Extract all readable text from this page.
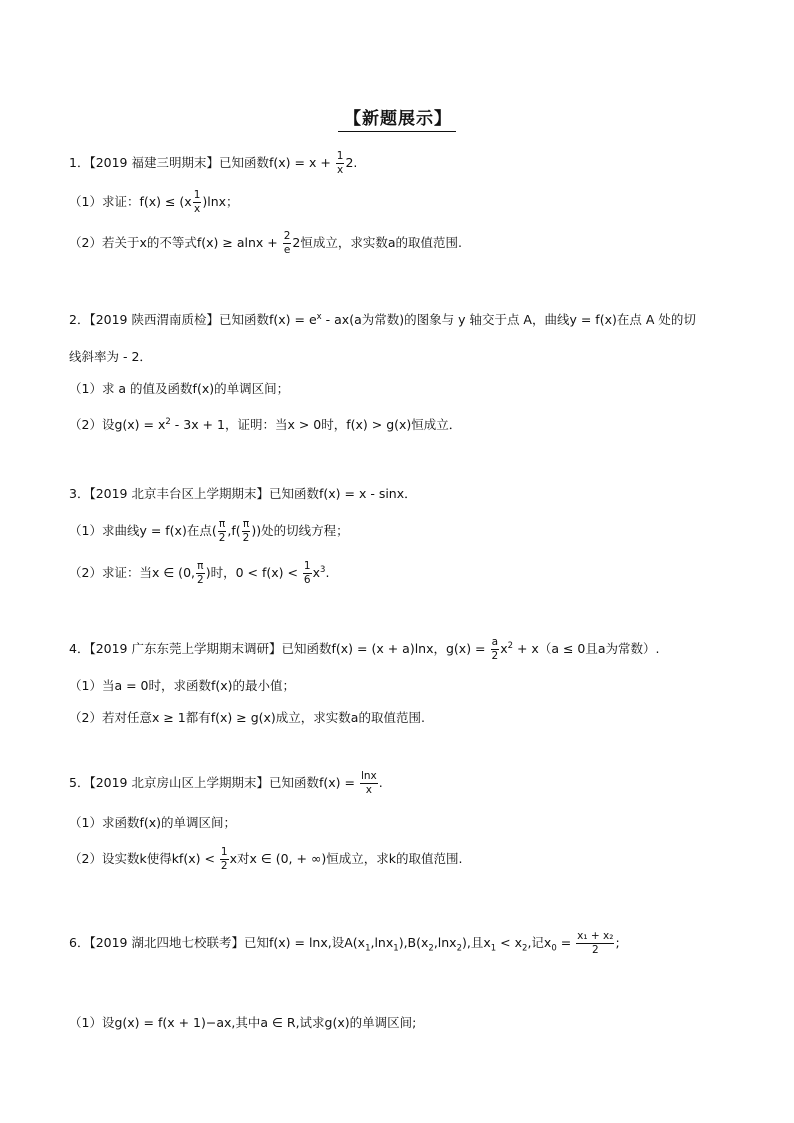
【新题展示】
1．【2019 福建三明期末】已知函数$f(x) = x + \frac{1}{x} 2$.
（1）求证：$f(x) \le (x \frac{1}{x} )\ln x$；
（2）若关于x的不等式$f(x) \ge alnx + \frac{2}{e} 2$恒成立，求实数a的取值范围.
2．【2019 陕西渭南质检】已知函数$f(x) = e^x - ax(a$为常数)的图象与 y 轴交于点 A，曲线y = f(x)在点 A 处的切
线斜率为 - 2．
（1）求 a 的值及函数f(x)的单调区间；
（2）设$g(x) = x^2 - 3x + 1$，证明：当x > 0时，f(x) > g(x)恒成立．
3．【2019 北京丰台区上学期期末】已知函数f(x) = x - sinx．
（1）求曲线y = f(x)在点( $\frac{\pi}{2} ,f( \frac{\pi}{2}$ ))处的切线方程；
（2）求证：当x ∈ (0, $\frac{\pi}{2}$ )时，$0 < f(x) < \frac{1}{6} x^3$.
4．【2019 广东东莞上学期期末调研】已知函数f(x) = (x + a)lnx，$g(x) = \frac{a}{2} x^2 + x(a \le 0$且a为常数）.
（1）当a = 0时，求函数f(x)的最小值；
（2）若对任意x ≥ 1都有f(x) ≥ g(x)成立，求实数a的取值范围.
5．【2019 北京房山区上学期期末】已知函数$f(x) = \frac{\ln x}{x}$ .
（1）求函数f(x)的单调区间；
（2）设实数k使得$kf(x) < \frac{1}{2}$ x对x ∈ (0, + ∞)恒成立，求k的取值范围.
6．【2019 湖北四地七校联考】已知f(x) = lnx,设$A(x_1,\ln x_1),B(x_2,\ln x_2)$,且$x_1 < x_2$,记$x_0 = \frac{\text{x₁ + x₂}}{2}$ ;
（1）设g(x) = f(x + 1)−ax,其中a ∈ R,试求g(x)的单调区间;
